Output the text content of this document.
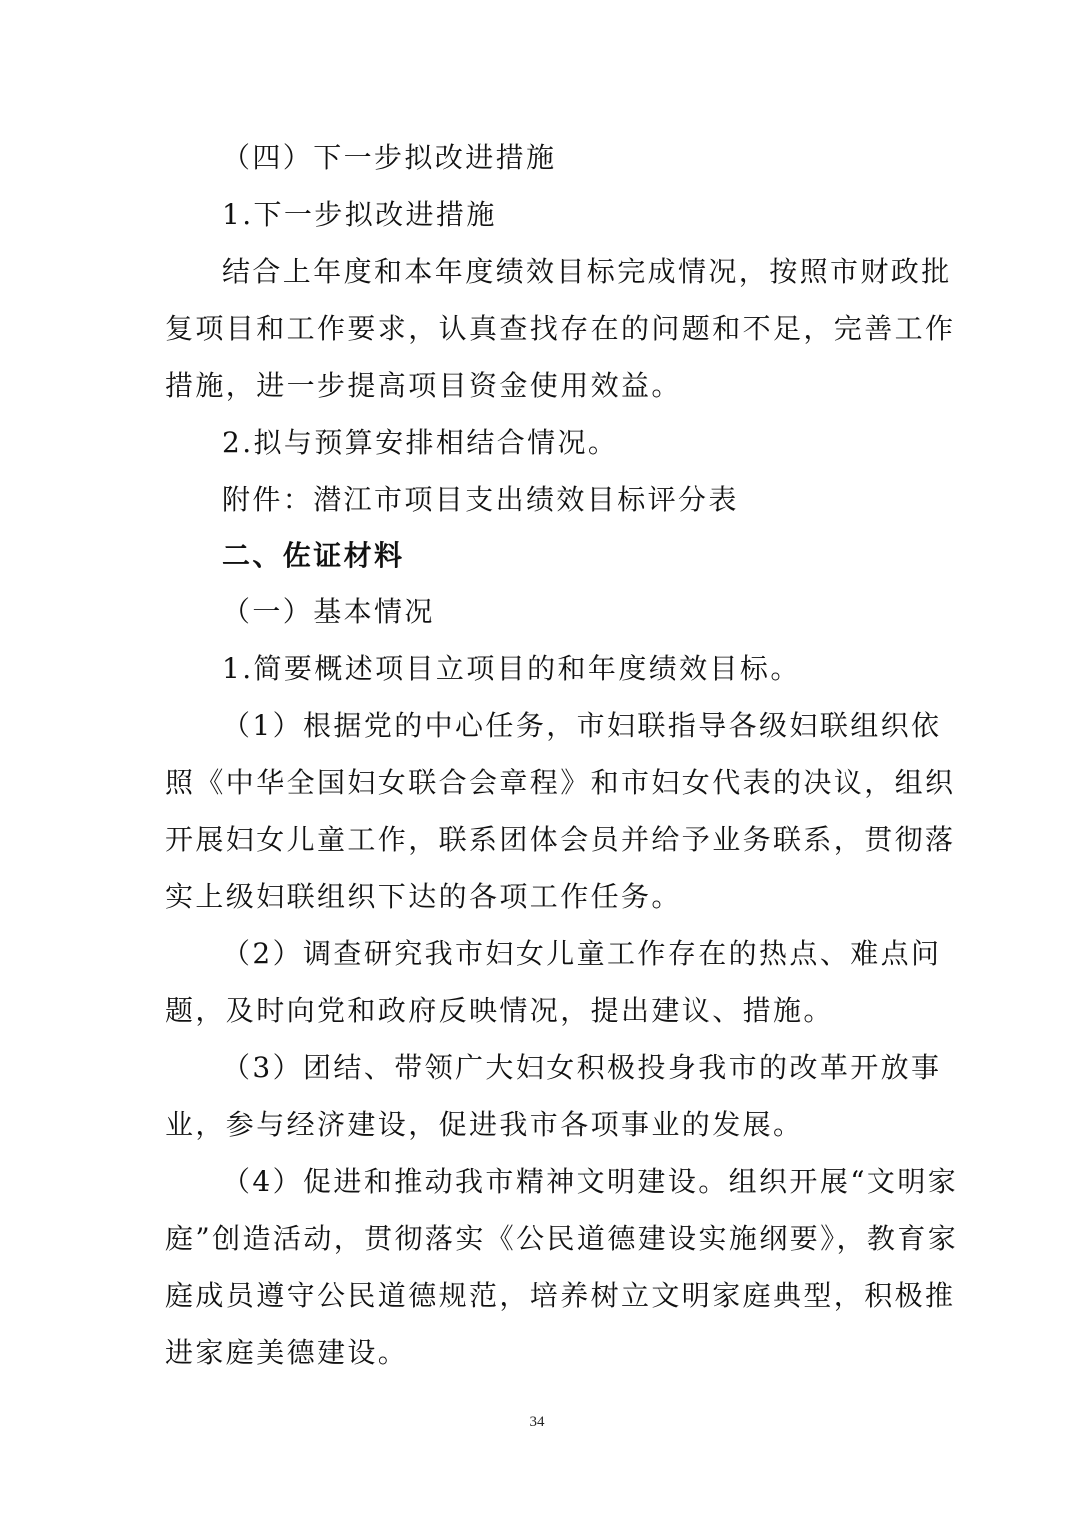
（四）下一步拟改进措施
1.下一步拟改进措施
结合上年度和本年度绩效目标完成情况，按照市财政批
复项目和工作要求，认真查找存在的问题和不足，完善工作
措施，进一步提高项目资金使用效益。
2.拟与预算安排相结合情况。
附件：潜江市项目支出绩效目标评分表
二、佐证材料
（一）基本情况
1.简要概述项目立项目的和年度绩效目标。
（1）根据党的中心任务，市妇联指导各级妇联组织依
照《中华全国妇女联合会章程》和市妇女代表的决议，组织
开展妇女儿童工作，联系团体会员并给予业务联系，贯彻落
实上级妇联组织下达的各项工作任务。
（2）调查研究我市妇女儿童工作存在的热点、难点问
题，及时向党和政府反映情况，提出建议、措施。
（3）团结、带领广大妇女积极投身我市的改革开放事
业，参与经济建设，促进我市各项事业的发展。
（4）促进和推动我市精神文明建设。组织开展“文明家
庭”创造活动，贯彻落实《公民道德建设实施纲要》，教育家
庭成员遵守公民道德规范，培养树立文明家庭典型，积极推
进家庭美德建设。
34
